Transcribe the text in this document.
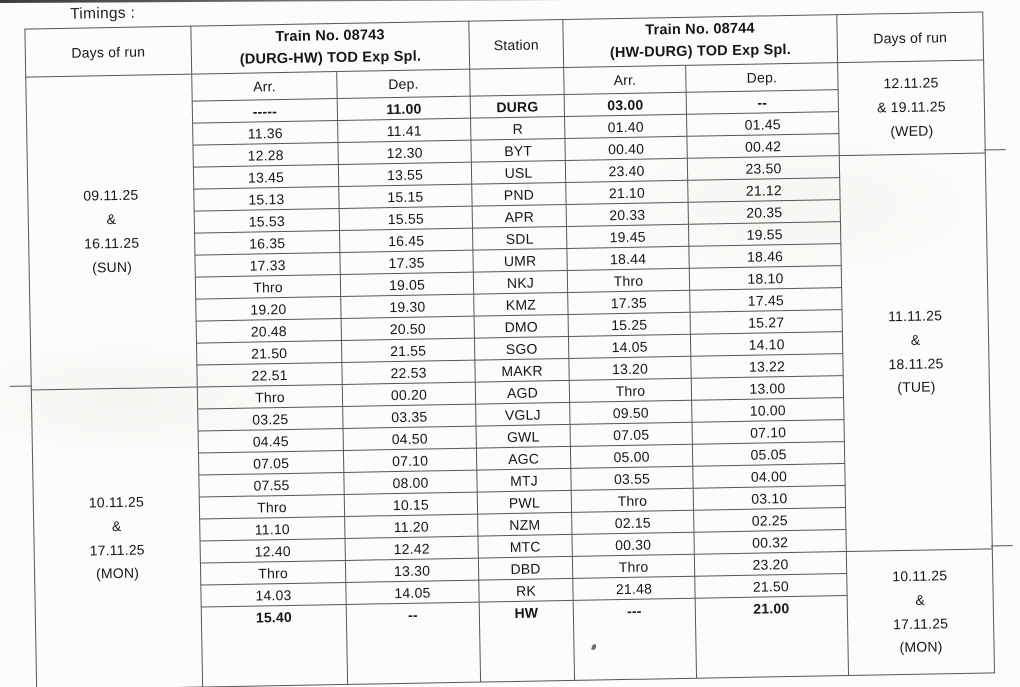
Timings :
Days of run	
Train No. 08743
(DURG-HW) TOD Exp Spl.
	Station	
Train No. 08744
(HW-DURG) TOD Exp Spl.
	Days of run

09.11.25
&
16.11.25
(SUN)
	Arr.	Dep.		Arr.	Dep.	12.11.25
& 19.11.25
(WED)

	-----	11.00	DURG	03.00	--	
	11.36	11.41	R	01.40	01.45	
	12.28	12.30	BYT	00.40	00.42	
	13.45	13.55	USL	23.40	23.50	11.11.25
&
18.11.25
(TUE)

	15.13	15.15	PND	21.10	21.12	
	15.53	15.55	APR	20.33	20.35	
	16.35	16.45	SDL	19.45	19.55	
	17.33	17.35	UMR	18.44	18.46	
	Thro	19.05	NKJ	Thro	18.10	
	19.20	19.30	KMZ	17.35	17.45	
	20.48	20.50	DMO	15.25	15.27	
	21.50	21.55	SGO	14.05	14.10	
	22.51	22.53	MAKR	13.20	13.22	

10.11.25
&
17.11.25
(MON)	Thro	00.20	AGD	Thro	13.00	
	03.25	03.35	VGLJ	09.50	10.00	
	04.45	04.50	GWL	07.05	07.10	
	07.05	07.10	AGC	05.00	05.05	
	07.55	08.00	MTJ	03.55	04.00	
	Thro	10.15	PWL	Thro	03.10	
	11.10	11.20	NZM	02.15	02.25	
	12.40	12.42	MTC	00.30	00.32	
	Thro	13.30	DBD	Thro	23.20	10.11.25
&
17.11.25
(MON)

	14.03	14.05	RK	21.48	21.50	
	15.40	--	HW	---	21.00	
